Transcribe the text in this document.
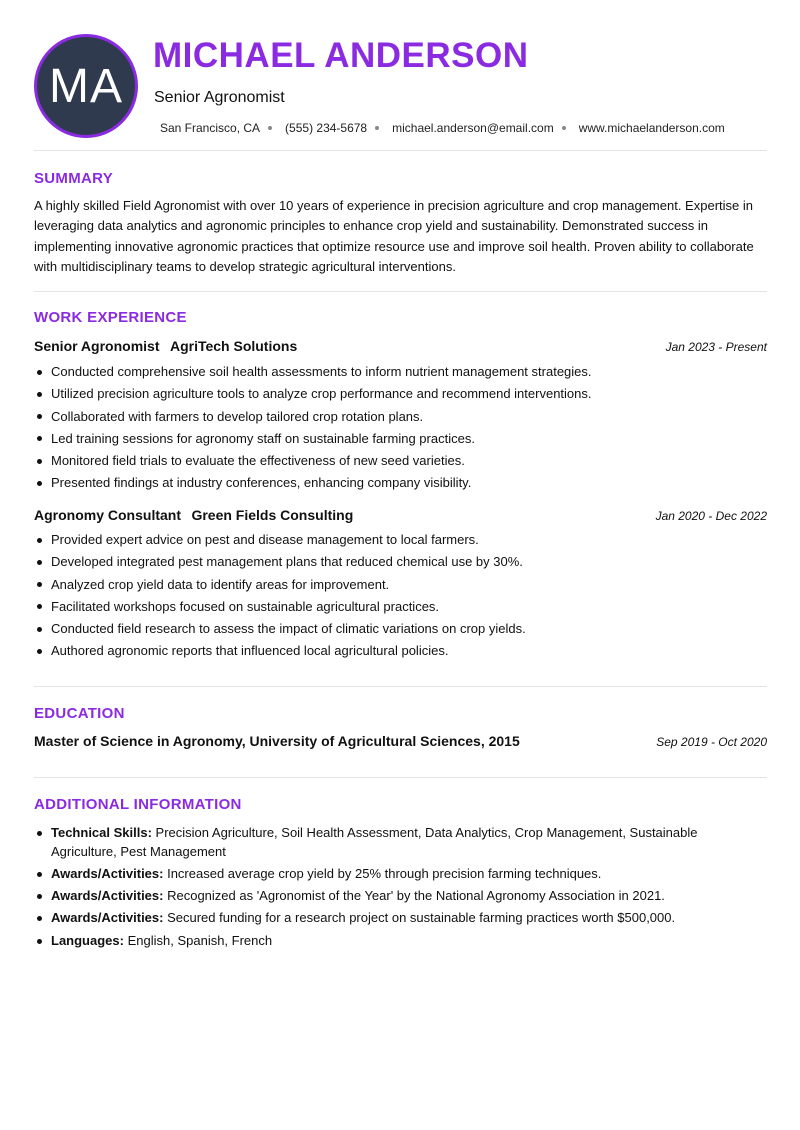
MA
MICHAEL ANDERSON
Senior Agronomist
San Francisco, CA (555) 234-5678 michael.anderson@email.com www.michaelanderson.com
SUMMARY

A highly skilled Field Agronomist with over 10 years of experience in precision agriculture and crop management. Expertise in leveraging data analytics and agronomic principles to enhance crop yield and sustainability. Demonstrated success in implementing innovative agronomic practices that optimize resource use and improve soil health. Proven ability to collaborate with multidisciplinary teams to develop strategic agricultural interventions.

WORK EXPERIENCE
Senior Agronomist AgriTech Solutions	Jan 2023 - Present
Conducted comprehensive soil health assessments to inform nutrient management strategies.
Utilized precision agriculture tools to analyze crop performance and recommend interventions.
Collaborated with farmers to develop tailored crop rotation plans.
Led training sessions for agronomy staff on sustainable farming practices.
Monitored field trials to evaluate the effectiveness of new seed varieties.
Presented findings at industry conferences, enhancing company visibility.
Agronomy Consultant Green Fields Consulting	Jan 2020 - Dec 2022
Provided expert advice on pest and disease management to local farmers.
Developed integrated pest management plans that reduced chemical use by 30%.
Analyzed crop yield data to identify areas for improvement.
Facilitated workshops focused on sustainable agricultural practices.
Conducted field research to assess the impact of climatic variations on crop yields.
Authored agronomic reports that influenced local agricultural policies.
EDUCATION
Master of Science in Agronomy, University of Agricultural Sciences, 2015	Sep 2019 - Oct 2020
ADDITIONAL INFORMATION
Technical Skills: Precision Agriculture, Soil Health Assessment, Data Analytics, Crop Management, Sustainable Agriculture, Pest Management
Awards/Activities: Increased average crop yield by 25% through precision farming techniques.
Awards/Activities: Recognized as 'Agronomist of the Year' by the National Agronomy Association in 2021.
Awards/Activities: Secured funding for a research project on sustainable farming practices worth $500,000.
Languages: English, Spanish, French
